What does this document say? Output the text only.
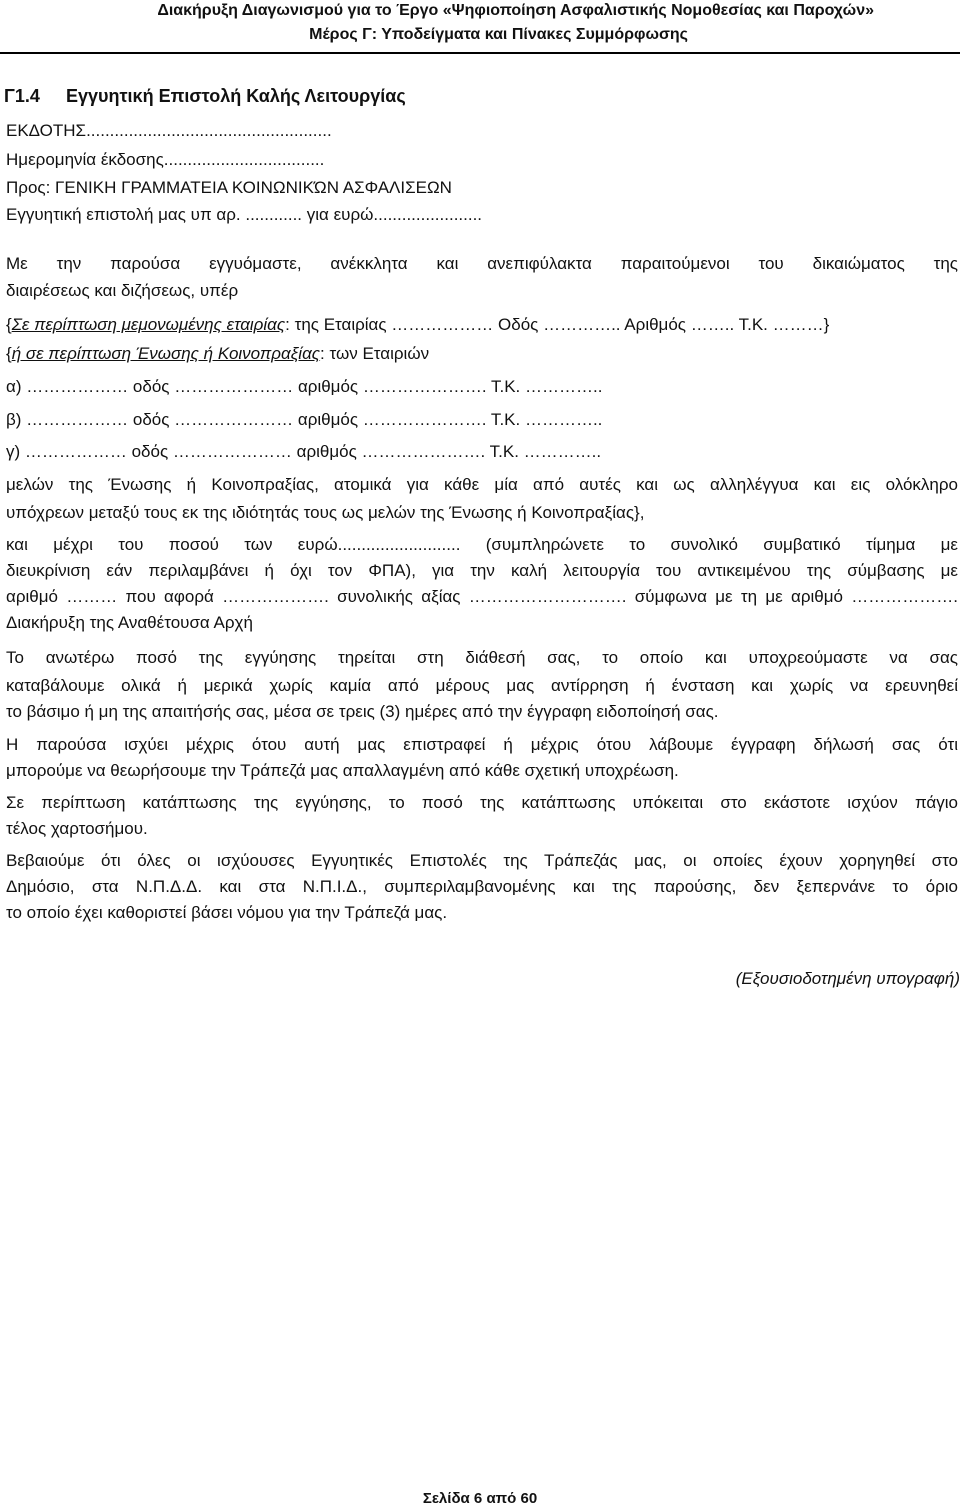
Διακήρυξη Διαγωνισμού για το Έργο «Ψηφιοποίηση Ασφαλιστικής Νομοθεσίας και Παροχών»
Μέρος Γ: Υποδείγματα και Πίνακες Συμμόρφωσης
Γ1.4 Εγγυητική Επιστολή Καλής Λειτουργίας
ΕΚΔΟΤΗΣ....................................................
Ημερομηνία έκδοσης..................................
Προς: ΓΕΝΙΚΗ ΓΡΑΜΜΑΤΕΙΑ ΚΟΙΝΩΝΙΚΏΝ ΑΣΦΑΛΙΣΕΩΝ
Εγγυητική επιστολή μας υπ αρ. ............ για ευρώ.......................
Με την παρούσα εγγυόμαστε, ανέκκλητα και ανεπιφύλακτα παραιτούμενοι του δικαιώματος της
διαιρέσεως και διζήσεως, υπέρ
{Σε περίπτωση μεμονωμένης εταιρίας: της Εταιρίας ……………… Οδός ………….. Αριθμός …….. Τ.Κ. ………}
{ή σε περίπτωση Ένωσης ή Κοινοπραξίας: των Εταιριών
α) ……………… οδός ………………… αριθμός …………………. Τ.Κ. …………..
β) ……………… οδός ………………… αριθμός …………………. Τ.Κ. …………..
γ) ……………… οδός ………………… αριθμός …………………. Τ.Κ. …………..
μελών της Ένωσης ή Κοινοπραξίας, ατομικά για κάθε μία από αυτές και ως αλληλέγγυα και εις ολόκληρο
υπόχρεων μεταξύ τους εκ της ιδιότητάς τους ως μελών της Ένωσης ή Κοινοπραξίας},
και μέχρι του ποσού των ευρώ.......................... (συμπληρώνετε το συνολικό συμβατικό τίμημα με
διευκρίνιση εάν περιλαμβάνει ή όχι τον ΦΠΑ), για την καλή λειτουργία του αντικειμένου της σύμβασης με
αριθμό ……… που αφορά ………………. συνολικής αξίας ………………………. σύμφωνα με τη με αριθμό ……………….
Διακήρυξη της Αναθέτουσα Αρχή
Το ανωτέρω ποσό της εγγύησης τηρείται στη διάθεσή σας, το οποίο και υποχρεούμαστε να σας
καταβάλουμε ολικά ή μερικά χωρίς καμία από μέρους μας αντίρρηση ή ένσταση και χωρίς να ερευνηθεί
το βάσιμο ή μη της απαιτήσής σας, μέσα σε τρεις (3) ημέρες από την έγγραφη ειδοποίησή σας.
Η παρούσα ισχύει μέχρις ότου αυτή μας επιστραφεί ή μέχρις ότου λάβουμε έγγραφη δήλωσή σας ότι
μπορούμε να θεωρήσουμε την Τράπεζά μας απαλλαγμένη από κάθε σχετική υποχρέωση.
Σε περίπτωση κατάπτωσης της εγγύησης, το ποσό της κατάπτωσης υπόκειται στο εκάστοτε ισχύον πάγιο
τέλος χαρτοσήμου.
Βεβαιούμε ότι όλες οι ισχύουσες Εγγυητικές Επιστολές της Τράπεζάς μας, οι οποίες έχουν χορηγηθεί στο
Δημόσιο, στα Ν.Π.Δ.Δ. και στα Ν.Π.Ι.Δ., συμπεριλαμβανομένης και της παρούσης, δεν ξεπερνάνε το όριο
το οποίο έχει καθοριστεί βάσει νόμου για την Τράπεζά μας.
(Εξουσιοδοτημένη υπογραφή)
Σελίδα 6 από 60
